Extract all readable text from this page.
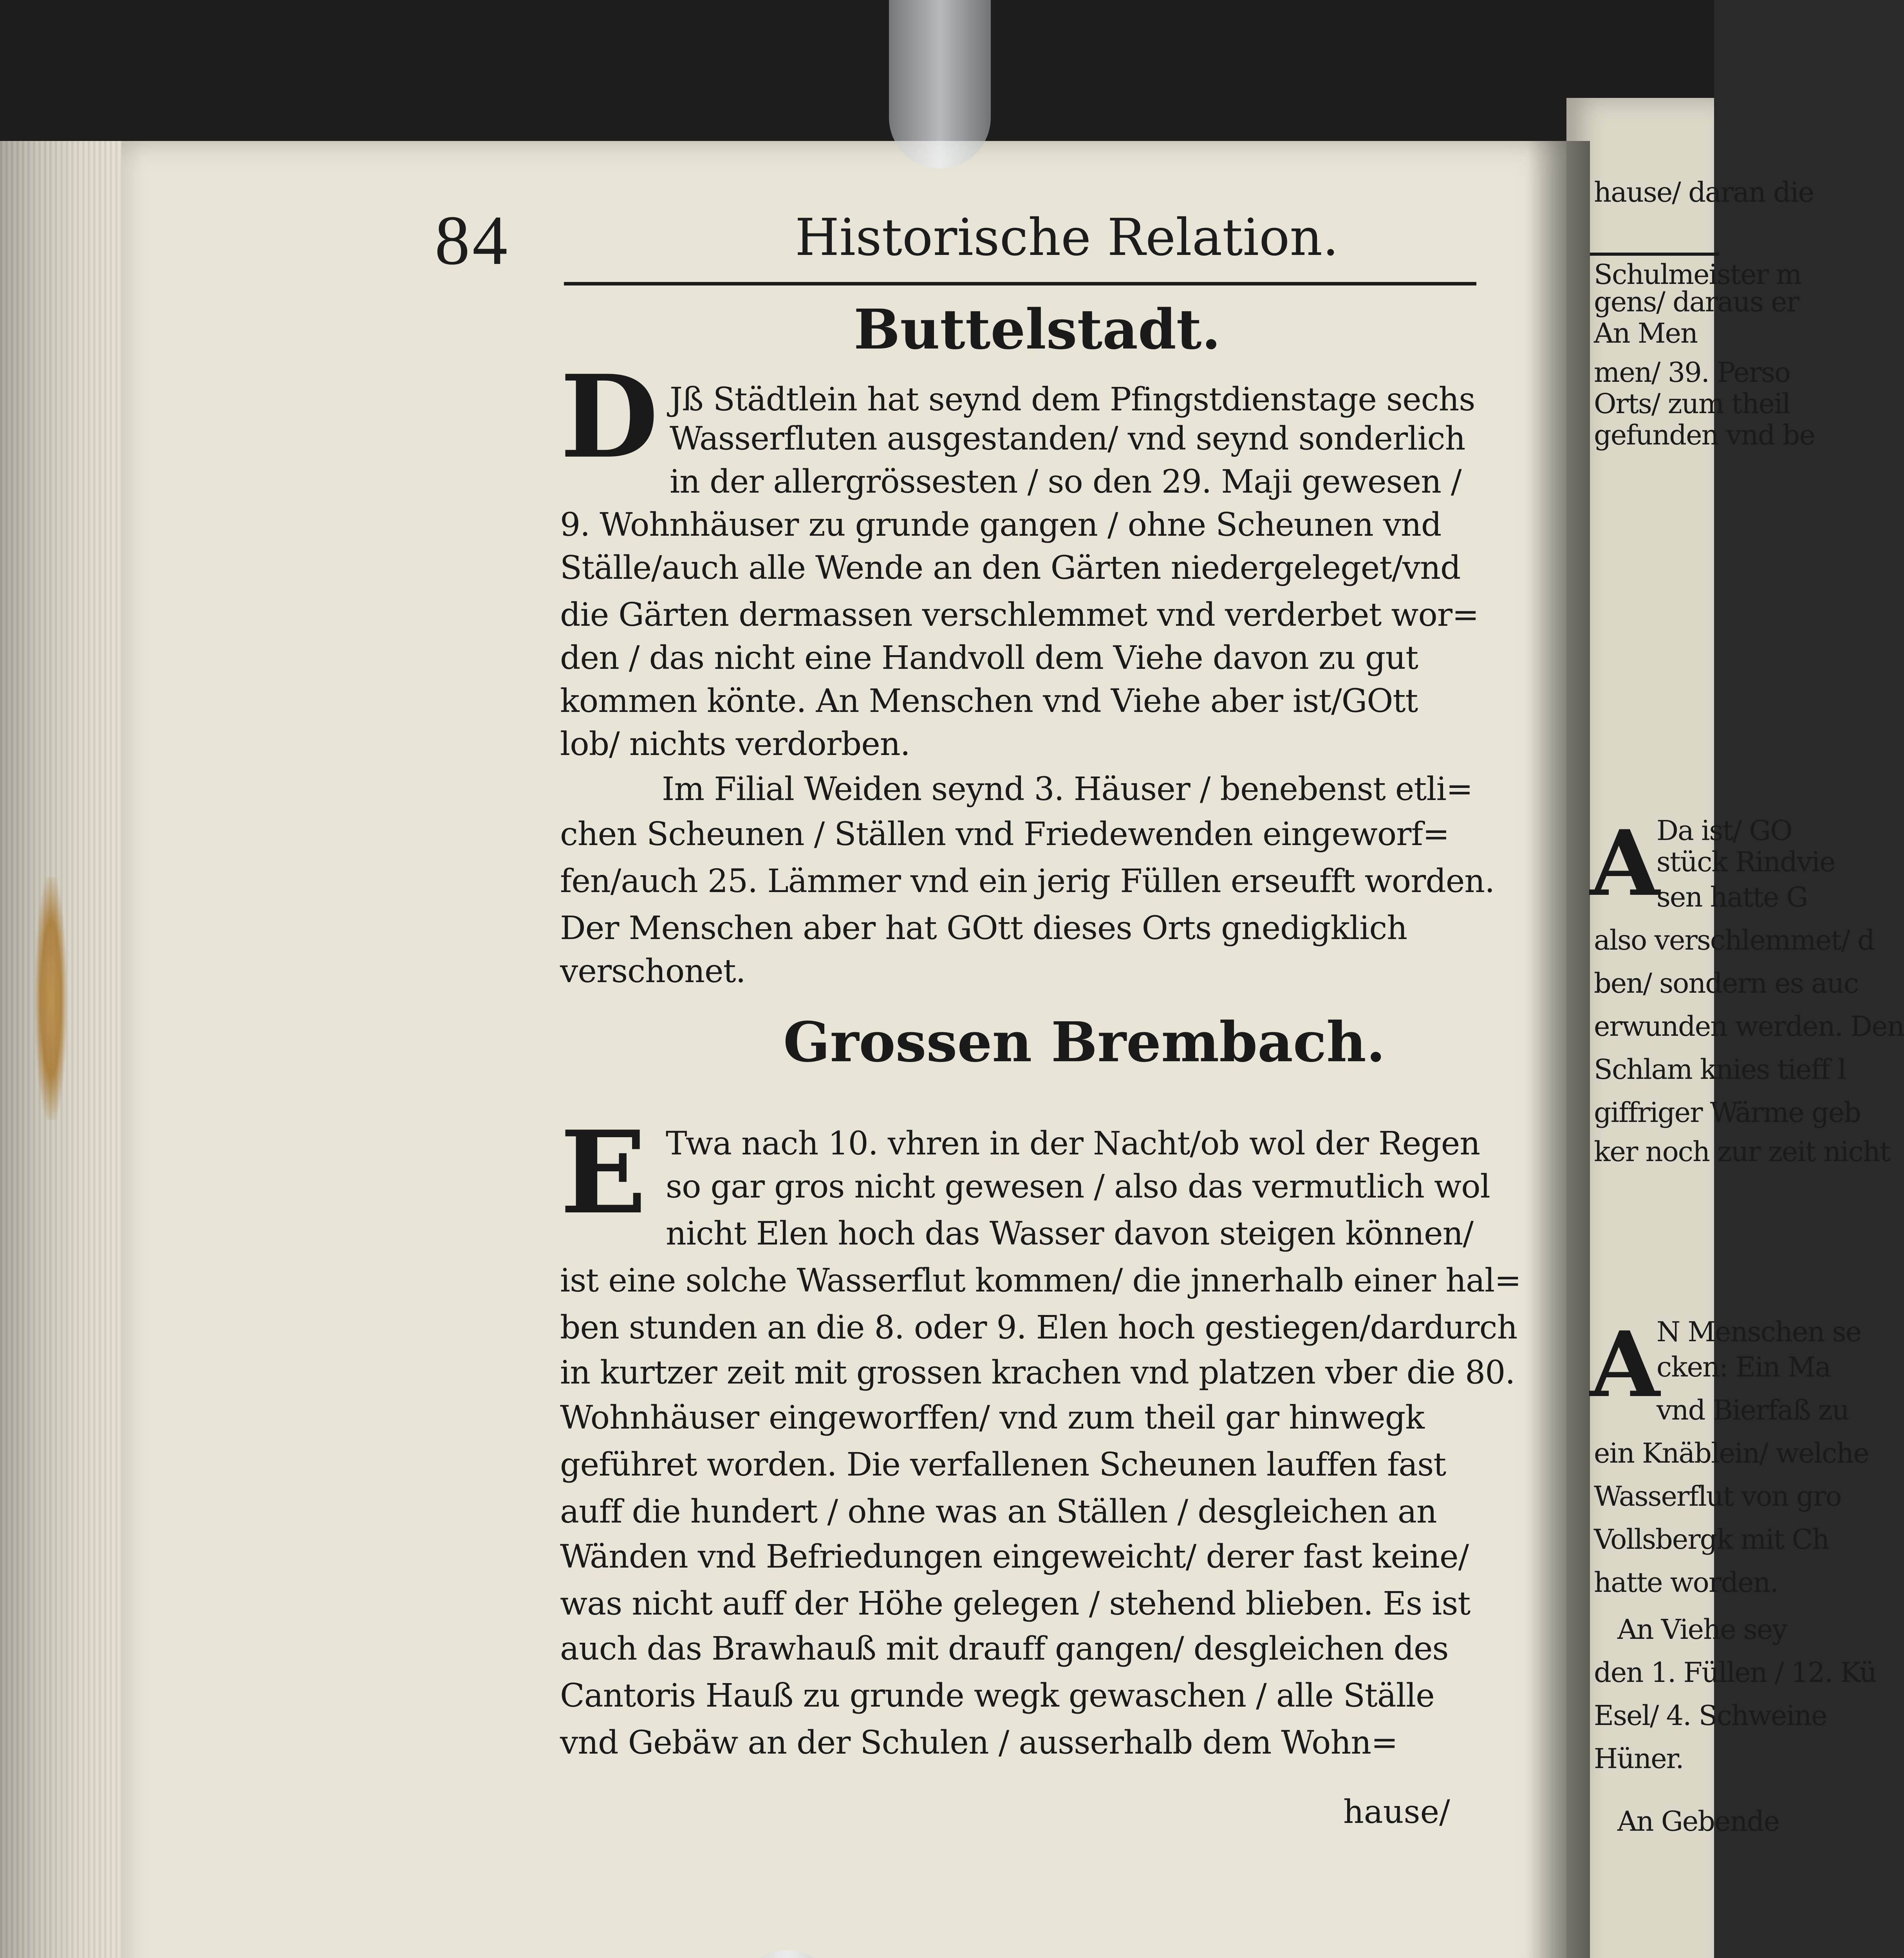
hause/ daran die
Schulmeister m
gens/ daraus er
An Men
men/ 39. Perso
Orts/ zum theil
gefunden vnd be
A
Da ist/ GO
stück Rindvie
sen hatte G
also verschlemmet/ d
ben/ sondern es auc
erwunden werden. Den
Schlam knies tieff l
giffriger Wärme geb
ker noch zur zeit nicht
A
N Menschen se
cken: Ein Ma
vnd Bierfaß zu
ein Knäblein/ welche
Wasserflut von gro
Vollsbergk mit Ch
hatte worden.
An Viehe sey
den 1. Füllen / 12. Kü
Esel/ 4. Schweine
Hüner.
An Gebende
84	Historische Relation.
Buttelstadt.
D Jß Städtlein hat seynd dem Pfingstdienstage sechs
Wasserfluten ausgestanden/ vnd seynd sonderlich
in der allergrössesten / so den 29. Maji gewesen /
9. Wohnhäuser zu grunde gangen / ohne Scheunen vnd
Ställe/auch alle Wende an den Gärten niedergeleget/vnd
die Gärten dermassen verschlemmet vnd verderbet wor=
den / das nicht eine Handvoll dem Viehe davon zu gut
kommen könte. An Menschen vnd Viehe aber ist/GOtt
lob/ nichts verdorben.
Im Filial Weiden seynd 3. Häuser / benebenst etli=
chen Scheunen / Ställen vnd Friedewenden eingeworf=
fen/auch 25. Lämmer vnd ein jerig Füllen erseufft worden.
Der Menschen aber hat GOtt dieses Orts gnedigklich
verschonet.
Grossen Brembach.
E Twa nach 10. vhren in der Nacht/ob wol der Regen
so gar gros nicht gewesen / also das vermutlich wol
nicht Elen hoch das Wasser davon steigen können/
ist eine solche Wasserflut kommen/ die jnnerhalb einer hal=
ben stunden an die 8. oder 9. Elen hoch gestiegen/dardurch
in kurtzer zeit mit grossen krachen vnd platzen vber die 80.
Wohnhäuser eingeworffen/ vnd zum theil gar hinwegk
geführet worden. Die verfallenen Scheunen lauffen fast
auff die hundert / ohne was an Ställen / desgleichen an
Wänden vnd Befriedungen eingeweicht/ derer fast keine/
was nicht auff der Höhe gelegen / stehend blieben. Es ist
auch das Brawhauß mit drauff gangen/ desgleichen des
Cantoris Hauß zu grunde wegk gewaschen / alle Ställe
vnd Gebäw an der Schulen / ausserhalb dem Wohn=
hause/
